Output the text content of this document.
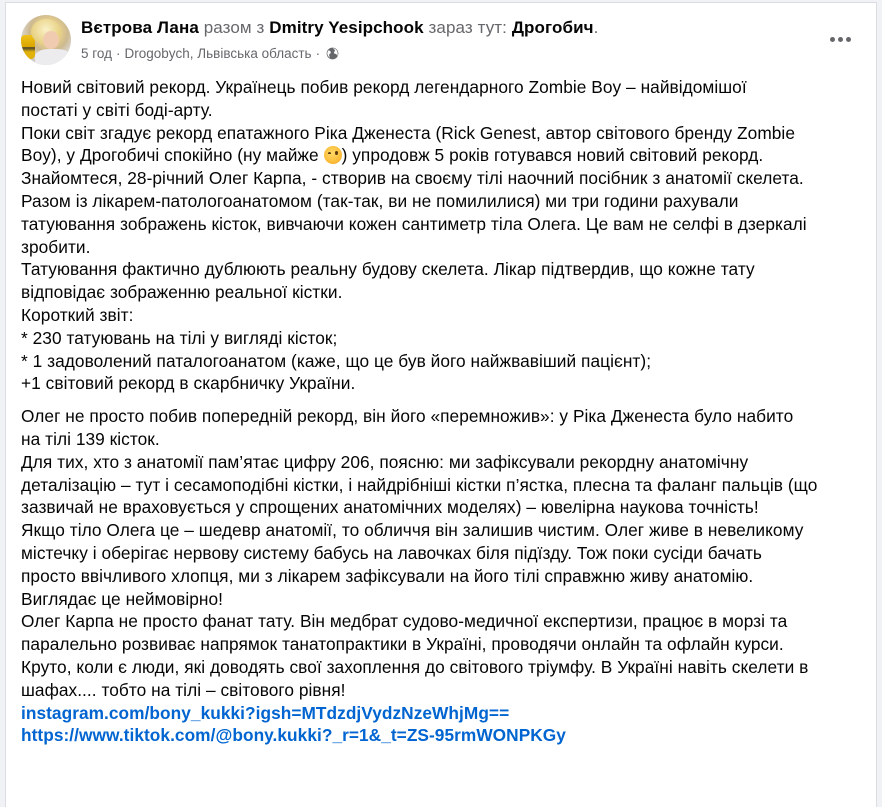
Вєтрова Лана разом з Dmitry Yesipchook зараз тут: Дрогобич.
5 год · Drogobych, Львівська область ·
Новий світовий рекорд. Українець побив рекорд легендарного Zombie Boy – найвідомішої
постаті у світі боді-арту.
Поки світ згадує рекорд епатажного Ріка Дженеста (Rick Genest, автор світового бренду Zombie
Boy), у Дрогобичі спокійно (ну майже ) упродовж 5 років готувався новий світовий рекорд.
Знайомтеся, 28-річний Олег Карпа, - створив на своєму тілі наочний посібник з анатомії скелета.
Разом із лікарем-патологоанатомом (так-так, ви не помилилися) ми три години рахували
татуювання зображень кісток, вивчаючи кожен сантиметр тіла Олега. Це вам не селфі в дзеркалі
зробити.
Татуювання фактично дублюють реальну будову скелета. Лікар підтвердив, що кожне тату
відповідає зображенню реальної кістки.
Короткий звіт:
* 230 татуювань на тілі у вигляді кісток;
* 1 задоволений паталогоанатом (каже, що це був його найжвавіший пацієнт);
+1 світовий рекорд в скарбничку України.
Олег не просто побив попередній рекорд, він його «перемножив»: у Ріка Дженеста було набито
на тілі 139 кісток.
Для тих, хто з анатомії пам’ятає цифру 206, поясню: ми зафіксували рекордну анатомічну
деталізацію – тут і сесамоподібні кістки, і найдрібніші кістки п’ястка, плесна та фаланг пальців (що
зазвичай не враховується у спрощених анатомічних моделях) – ювелірна наукова точність!
Якщо тіло Олега це – шедевр анатомії, то обличчя він залишив чистим. Олег живе в невеликому
містечку і оберігає нервову систему бабусь на лавочках біля підїзду. Тож поки сусіди бачать
просто ввічливого хлопця, ми з лікарем зафіксували на його тілі справжню живу анатомію.
Виглядає це неймовірно!
Олег Карпа не просто фанат тату. Він медбрат судово-медичної експертизи, працює в морзі та
паралельно розвиває напрямок танатопрактики в Україні, проводячи онлайн та офлайн курси.
Круто, коли є люди, які доводять свої захоплення до світового тріумфу. В Україні навіть скелети в
шафах.... тобто на тілі – світового рівня!
instagram.com/bony_kukki?igsh=MTdzdjVydzNzeWhjMg==
https://www.tiktok.com/@bony.kukki?_r=1&_t=ZS-95rmWONPKGy
